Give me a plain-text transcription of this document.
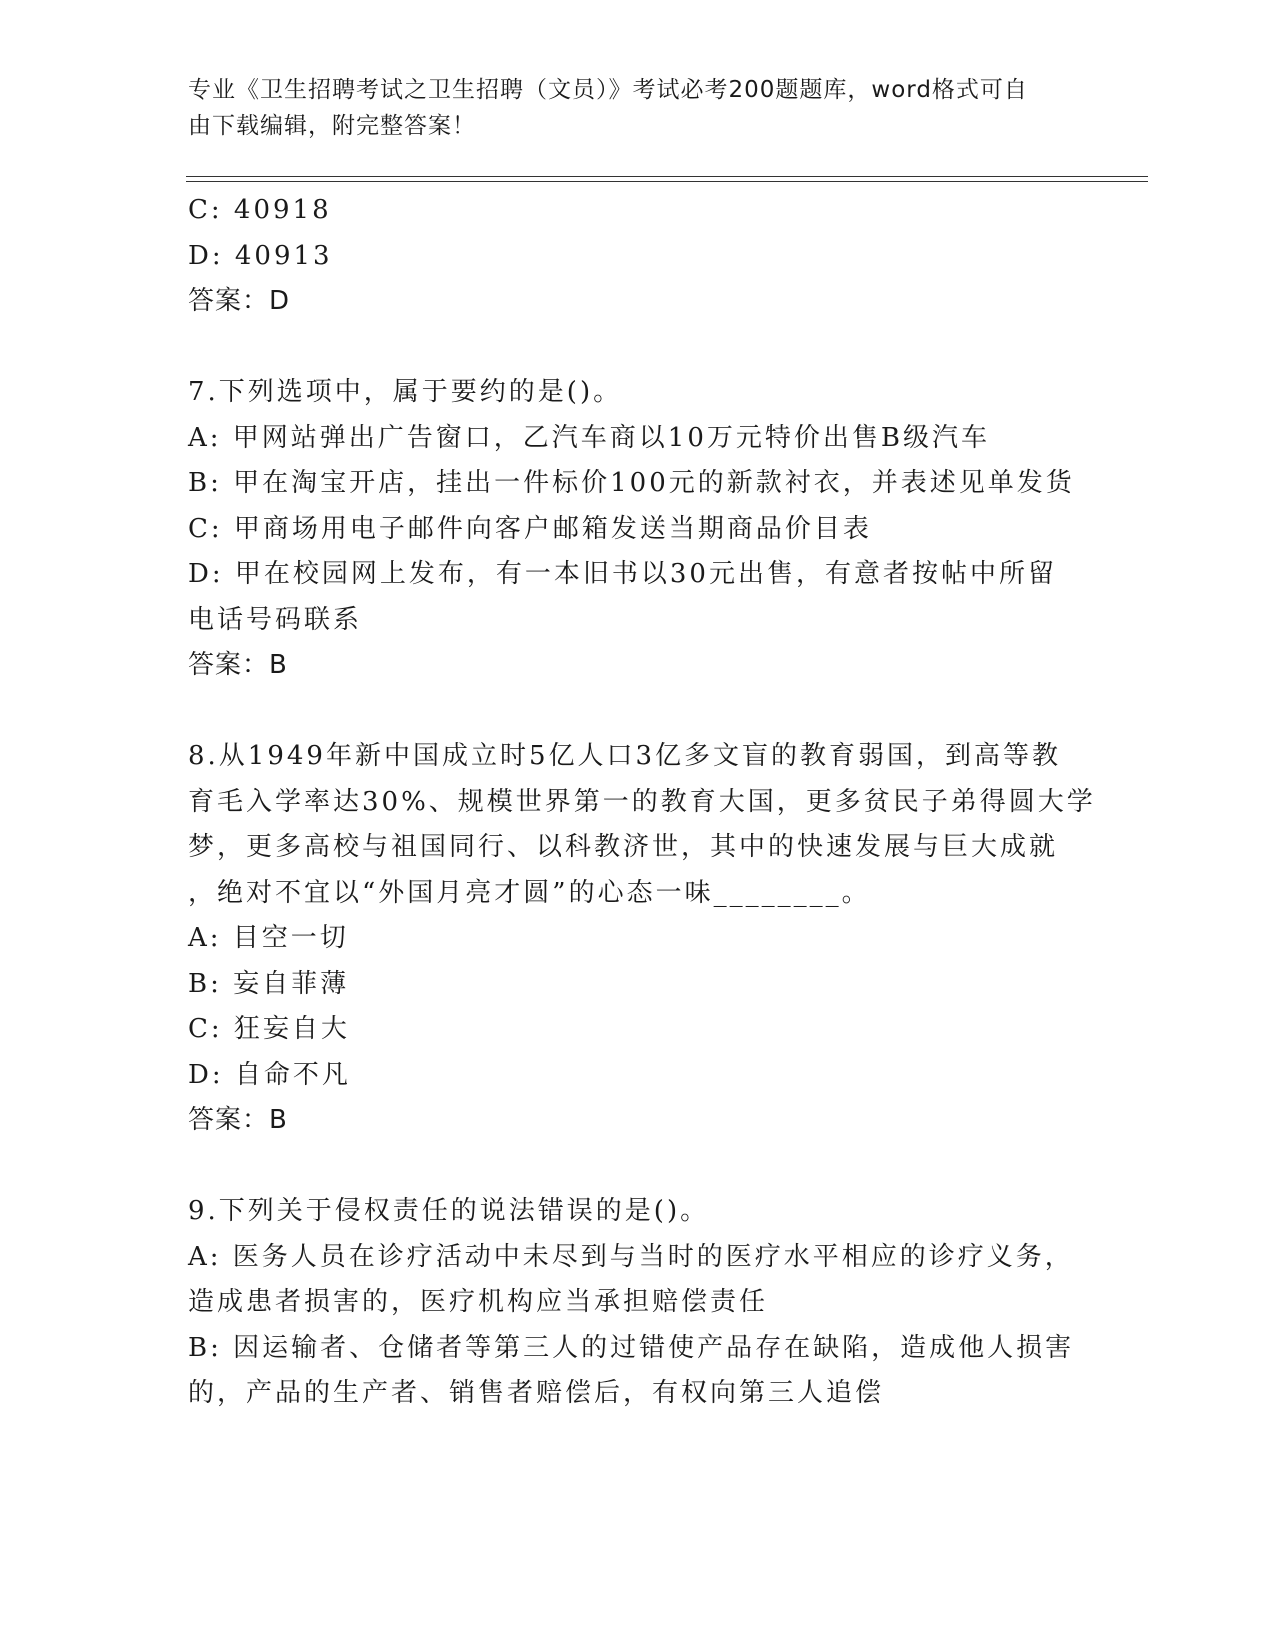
专业《卫生招聘考试之卫生招聘（文员）》考试必考200题题库，word格式可自
由下载编辑，附完整答案！
C: 40918
D: 40913
答案：D
7.下列选项中，属于要约的是()。
A: 甲网站弹出广告窗口，乙汽车商以10万元特价出售B级汽车
B: 甲在淘宝开店，挂出一件标价100元的新款衬衣，并表述见单发货
C: 甲商场用电子邮件向客户邮箱发送当期商品价目表
D: 甲在校园网上发布，有一本旧书以30元出售，有意者按帖中所留
电话号码联系
答案：B
8.从1949年新中国成立时5亿人口3亿多文盲的教育弱国，到高等教
育毛入学率达30%、规模世界第一的教育大国，更多贫民子弟得圆大学
梦，更多高校与祖国同行、以科教济世，其中的快速发展与巨大成就
，绝对不宜以“外国月亮才圆”的心态一味________。
A: 目空一切
B: 妄自菲薄
C: 狂妄自大
D: 自命不凡
答案：B
9.下列关于侵权责任的说法错误的是()。
A: 医务人员在诊疗活动中未尽到与当时的医疗水平相应的诊疗义务，
造成患者损害的，医疗机构应当承担赔偿责任
B: 因运输者、仓储者等第三人的过错使产品存在缺陷，造成他人损害
的，产品的生产者、销售者赔偿后，有权向第三人追偿
